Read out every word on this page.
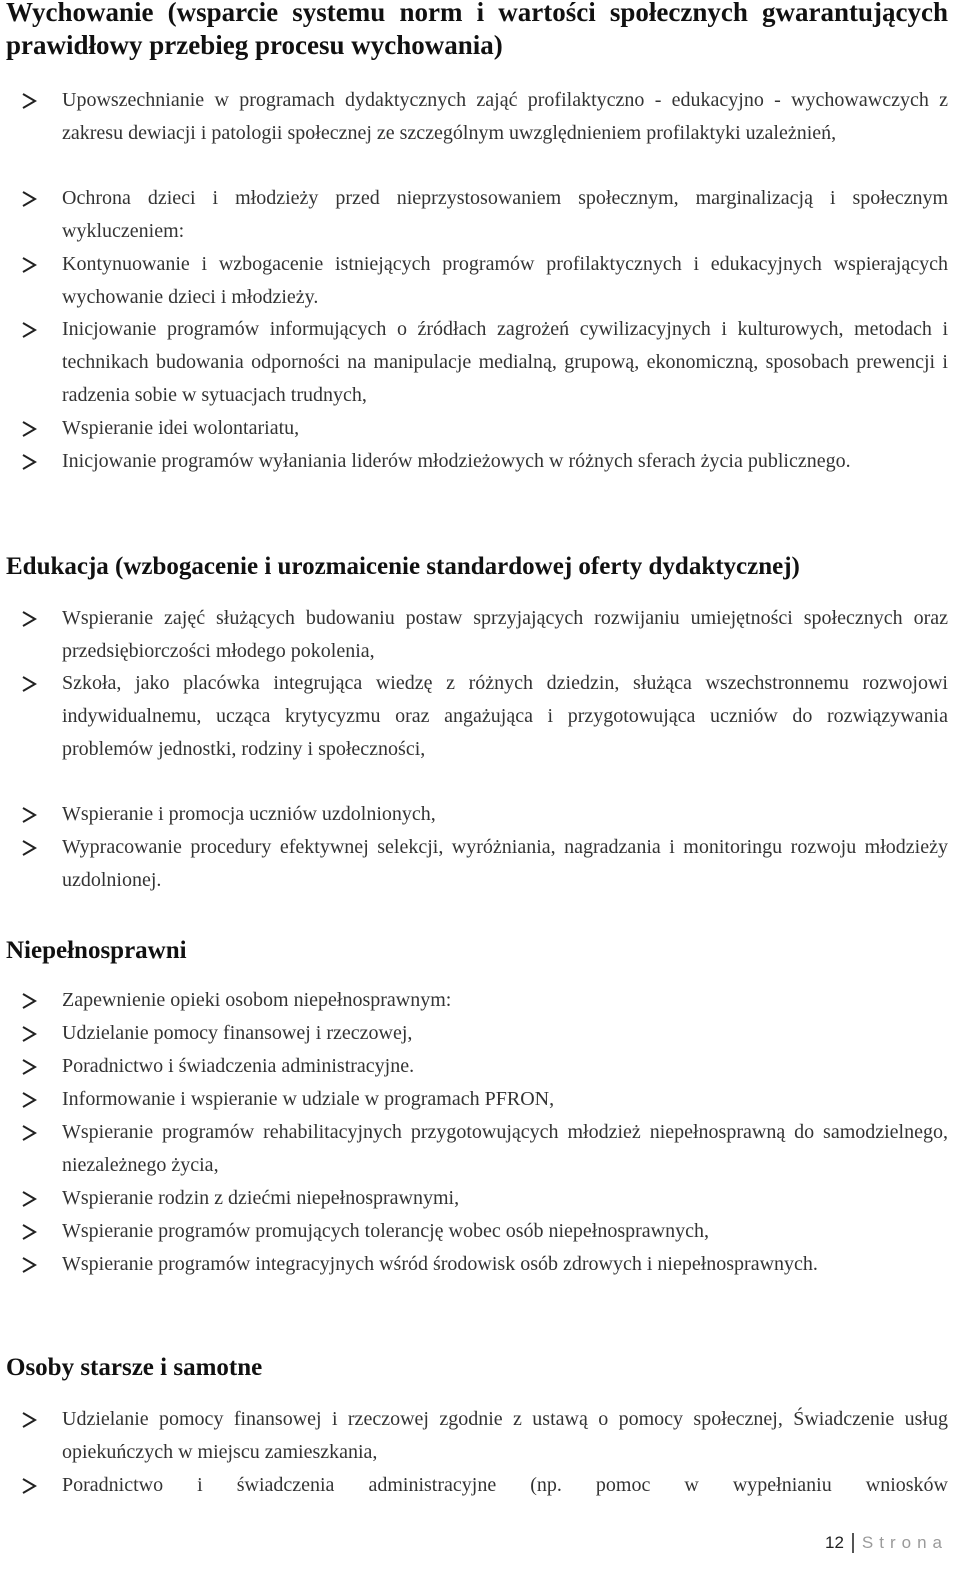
Wychowanie (wsparcie systemu norm i wartości społecznych gwarantujących prawidłowy przebieg procesu wychowania)
Upowszechnianie w programach dydaktycznych zająć profilaktyczno - edukacyjno - wychowawczych z zakresu dewiacji i patologii społecznej ze szczególnym uwzględnieniem profilaktyki uzależnień,
Ochrona dzieci i młodzieży przed nieprzystosowaniem społecznym, marginalizacją i społecznym wykluczeniem:
Kontynuowanie i wzbogacenie istniejących programów profilaktycznych i edukacyjnych wspierających wychowanie dzieci i młodzieży.
Inicjowanie programów informujących o źródłach zagrożeń cywilizacyjnych i kulturowych, metodach i technikach budowania odporności na manipulacje medialną, grupową, ekonomiczną, sposobach prewencji i radzenia sobie w sytuacjach trudnych,
Wspieranie idei wolontariatu,
Inicjowanie programów wyłaniania liderów młodzieżowych w różnych sferach życia publicznego.
Edukacja (wzbogacenie i urozmaicenie standardowej oferty dydaktycznej)
Wspieranie zajęć służących budowaniu postaw sprzyjających rozwijaniu umiejętności społecznych oraz przedsiębiorczości młodego pokolenia,
Szkoła, jako placówka integrująca wiedzę z różnych dziedzin, służąca wszechstronnemu rozwojowi indywidualnemu, ucząca krytycyzmu oraz angażująca i przygotowująca uczniów do rozwiązywania problemów jednostki, rodziny i społeczności,
Wspieranie i promocja uczniów uzdolnionych,
Wypracowanie procedury efektywnej selekcji, wyróżniania, nagradzania i monitoringu rozwoju młodzieży uzdolnionej.
Niepełnosprawni
Zapewnienie opieki osobom niepełnosprawnym:
Udzielanie pomocy finansowej i rzeczowej,
Poradnictwo i świadczenia administracyjne.
Informowanie i wspieranie w udziale w programach PFRON,
Wspieranie programów rehabilitacyjnych przygotowujących młodzież niepełnosprawną do samodzielnego, niezależnego życia,
Wspieranie rodzin z dziećmi niepełnosprawnymi,
Wspieranie programów promujących tolerancję wobec osób niepełnosprawnych,
Wspieranie programów integracyjnych wśród środowisk osób zdrowych i niepełnosprawnych.
Osoby starsze i samotne
Udzielanie pomocy finansowej i rzeczowej zgodnie z ustawą o pomocy społecznej, Świadczenie usług opiekuńczych w miejscu zamieszkania,
Poradnictwo i świadczenia administracyjne (np. pomoc w wypełnianiu wniosków
12 Strona
